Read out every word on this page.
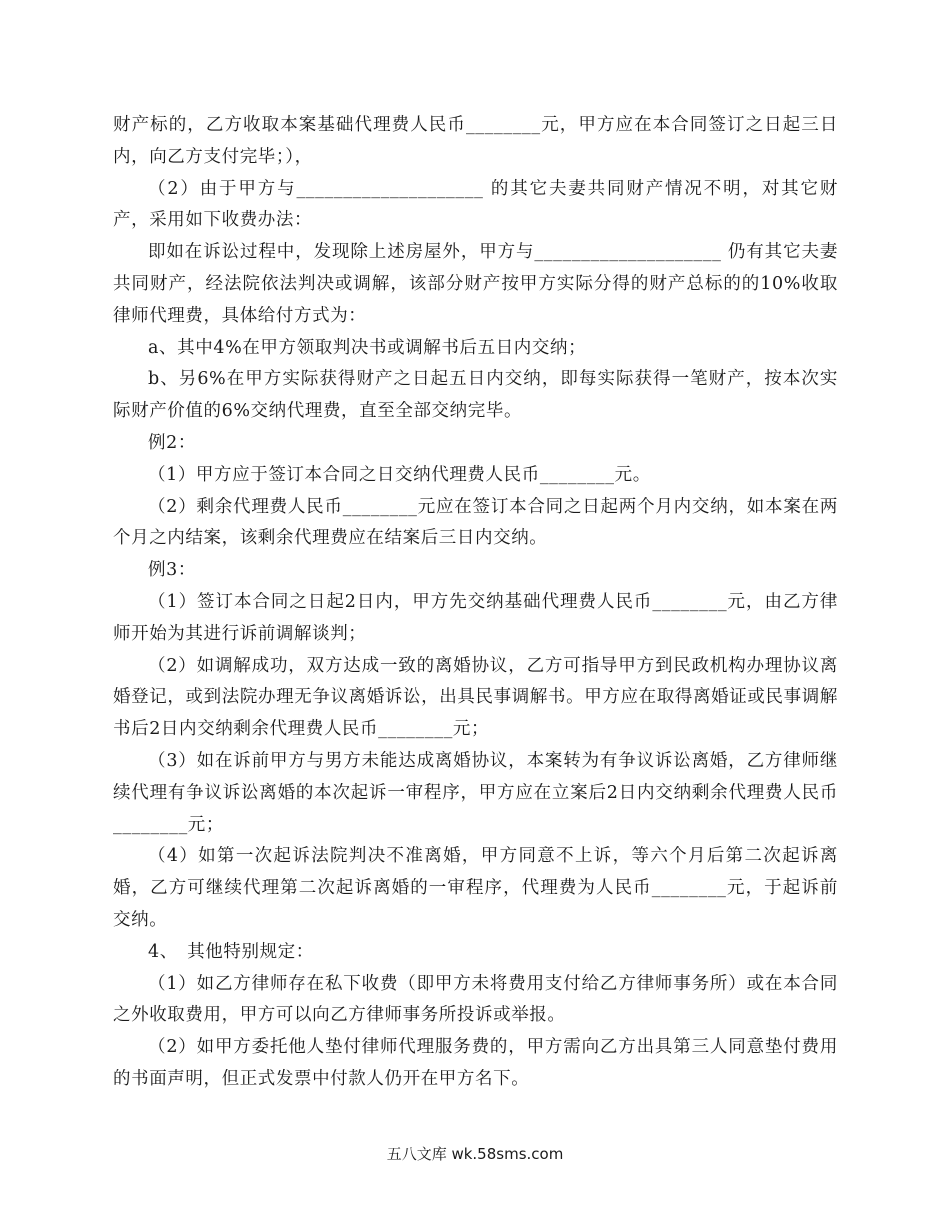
财产标的，乙方收取本案基础代理费人民币________元，甲方应在本合同签订之日起三日内，向乙方支付完毕；），

（2）由于甲方与____________________ 的其它夫妻共同财产情况不明，对其它财产，采用如下收费办法：

即如在诉讼过程中，发现除上述房屋外，甲方与____________________ 仍有其它夫妻共同财产，经法院依法判决或调解，该部分财产按甲方实际分得的财产总标的的10%收取律师代理费，具体给付方式为：

a、其中4%在甲方领取判决书或调解书后五日内交纳；

b、另6%在甲方实际获得财产之日起五日内交纳，即每实际获得一笔财产，按本次实际财产价值的6%交纳代理费，直至全部交纳完毕。

例2：

（1）甲方应于签订本合同之日交纳代理费人民币________元。

（2）剩余代理费人民币________元应在签订本合同之日起两个月内交纳，如本案在两个月之内结案，该剩余代理费应在结案后三日内交纳。

例3：

（1）签订本合同之日起2日内，甲方先交纳基础代理费人民币________元，由乙方律师开始为其进行诉前调解谈判；

（2）如调解成功，双方达成一致的离婚协议，乙方可指导甲方到民政机构办理协议离婚登记，或到法院办理无争议离婚诉讼，出具民事调解书。甲方应在取得离婚证或民事调解书后2日内交纳剩余代理费人民币________元；

（3）如在诉前甲方与男方未能达成离婚协议，本案转为有争议诉讼离婚，乙方律师继续代理有争议诉讼离婚的本次起诉一审程序，甲方应在立案后2日内交纳剩余代理费人民币________元；

（4）如第一次起诉法院判决不准离婚，甲方同意不上诉，等六个月后第二次起诉离婚，乙方可继续代理第二次起诉离婚的一审程序，代理费为人民币________元，于起诉前交纳。

4、　其他特别规定：

（1）如乙方律师存在私下收费（即甲方未将费用支付给乙方律师事务所）或在本合同之外收取费用，甲方可以向乙方律师事务所投诉或举报。

（2）如甲方委托他人垫付律师代理服务费的，甲方需向乙方出具第三人同意垫付费用的书面声明，但正式发票中付款人仍开在甲方名下。

五八文库 wk.58sms.com
